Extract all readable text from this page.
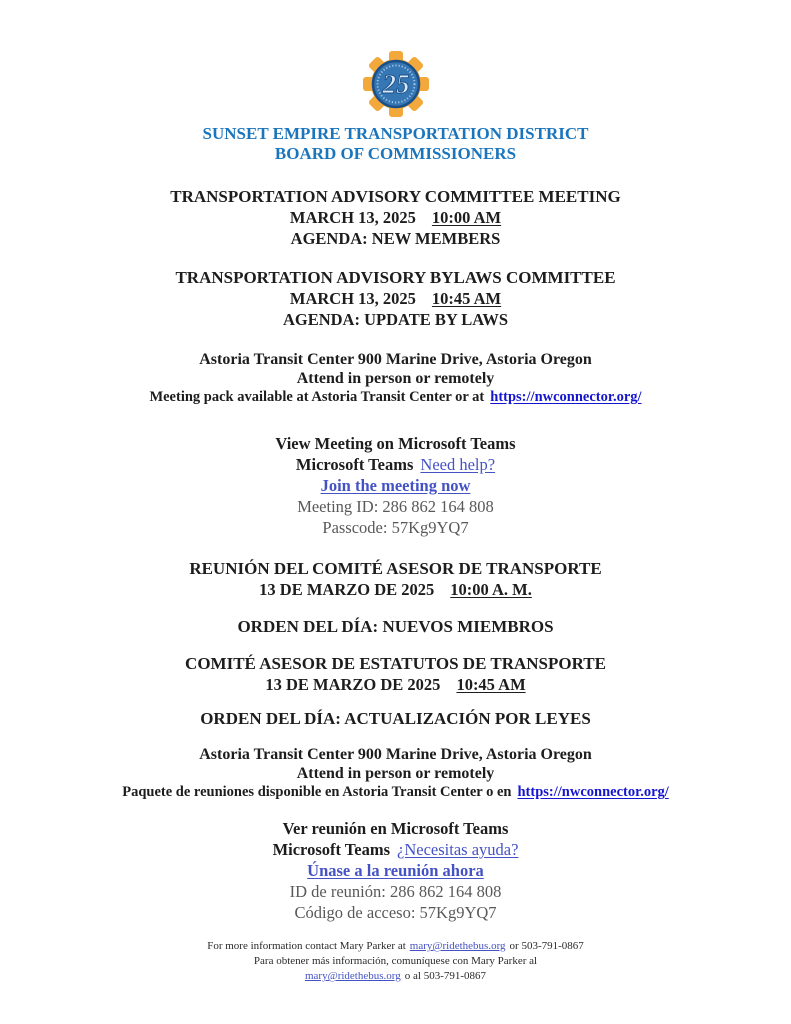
25
SUNSET EMPIRE TRANSPORTATION DISTRICT
BOARD OF COMMISSIONERS
TRANSPORTATION ADVISORY COMMITTEE MEETING
MARCH 13, 2025 10:00 AM
AGENDA: NEW MEMBERS
TRANSPORTATION ADVISORY BYLAWS COMMITTEE
MARCH 13, 2025 10:45 AM
AGENDA: UPDATE BY LAWS
Astoria Transit Center 900 Marine Drive, Astoria Oregon
Attend in person or remotely
Meeting pack available at Astoria Transit Center or at https://nwconnector.org/
View Meeting on Microsoft Teams
Microsoft Teams Need help?
Join the meeting now
Meeting ID: 286 862 164 808
Passcode: 57Kg9YQ7
REUNIÓN DEL COMITÉ ASESOR DE TRANSPORTE
13 DE MARZO DE 2025 10:00 A. M.
ORDEN DEL DÍA: NUEVOS MIEMBROS
COMITÉ ASESOR DE ESTATUTOS DE TRANSPORTE
13 DE MARZO DE 2025 10:45 AM
ORDEN DEL DÍA: ACTUALIZACIÓN POR LEYES
Astoria Transit Center 900 Marine Drive, Astoria Oregon
Attend in person or remotely
Paquete de reuniones disponible en Astoria Transit Center o en https://nwconnector.org/
Ver reunión en Microsoft Teams
Microsoft Teams ¿Necesitas ayuda?
Únase a la reunión ahora
ID de reunión: 286 862 164 808
Código de acceso: 57Kg9YQ7
For more information contact Mary Parker at mary@ridethebus.org or 503-791-0867
Para obtener más información, comuníquese con Mary Parker al
mary@ridethebus.org o al 503-791-0867
